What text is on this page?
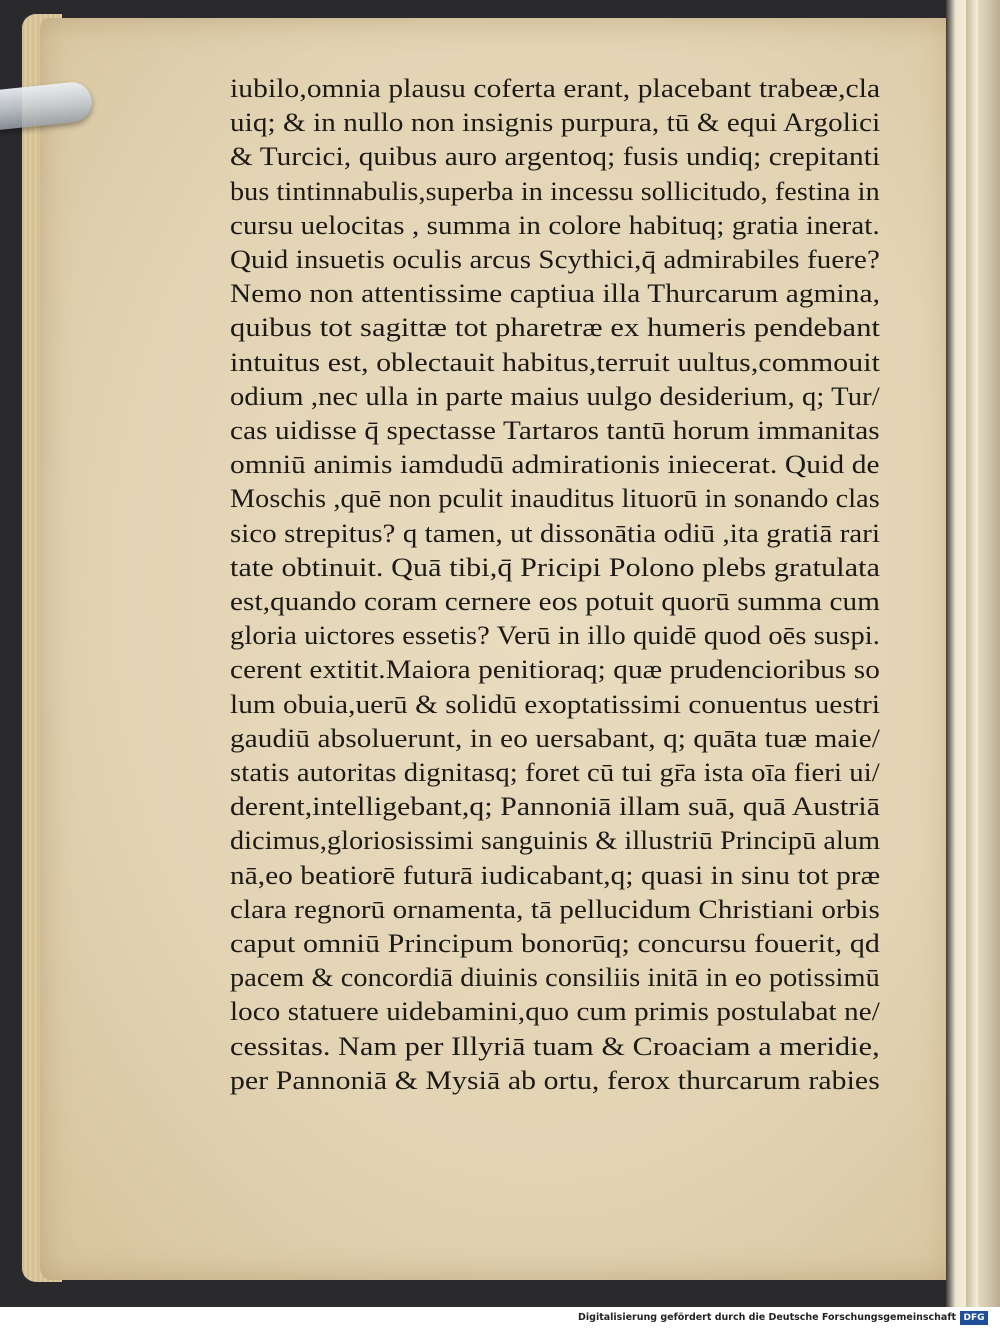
iubilo,omnia plausu coferta erant, placebant trabeæ,cla
uiq; & in nullo non insignis purpura, tū & equi Argolici
& Turcici, quibus auro argentoq; fusis undiq; crepitanti
bus tintinnabulis,superba in incessu sollicitudo, festina in
cursu uelocitas , summa in colore habituq; gratia inerat.
Quid insuetis oculis arcus Scythici,q̄ admirabiles fuere?
Nemo non attentissime captiua illa Thurcarum agmina,
quibus tot sagittæ tot pharetræ ex humeris pendebant
intuitus est, oblectauit habitus,terruit uultus,commouit
odium ,nec ulla in parte maius uulgo desiderium, q; Tur/
cas uidisse q̄ spectasse Tartaros tantū horum immanitas
omniū animis iamdudū admirationis iniecerat. Quid de
Moschis ,quē non pculit inauditus lituorū in sonando clas
sico strepitus? q tamen, ut dissonātia odiū ,ita gratiā rari
tate obtinuit. Quā tibi,q̄ Pricipi Polono plebs gratulata
est,quando coram cernere eos potuit quorū summa cum
gloria uictores essetis? Verū in illo quidē quod oēs suspi.
cerent extitit.Maiora penitioraq; quæ prudencioribus so
lum obuia,uerū & solidū exoptatissimi conuentus uestri
gaudiū absoluerunt, in eo uersabant, q; quāta tuæ maie/
statis autoritas dignitasq; foret cū tui gr̄a ista oīa fieri ui/
derent,intelligebant,q; Pannoniā illam suā, quā Austriā
dicimus,gloriosissimi sanguinis & illustriū Principū alum
nā,eo beatiorē futurā iudicabant,q; quasi in sinu tot præ
clara regnorū ornamenta, tā pellucidum Christiani orbis
caput omniū Principum bonorūq; concursu fouerit, qd
pacem & concordiā diuinis consiliis initā in eo potissimū
loco statuere uidebamini,quo cum primis postulabat ne/
cessitas. Nam per Illyriā tuam & Croaciam a meridie,
per Pannoniā & Mysiā ab ortu, ferox thurcarum rabies
Digitalisierung gefördert durch die Deutsche Forschungsgemeinschaft DFG
